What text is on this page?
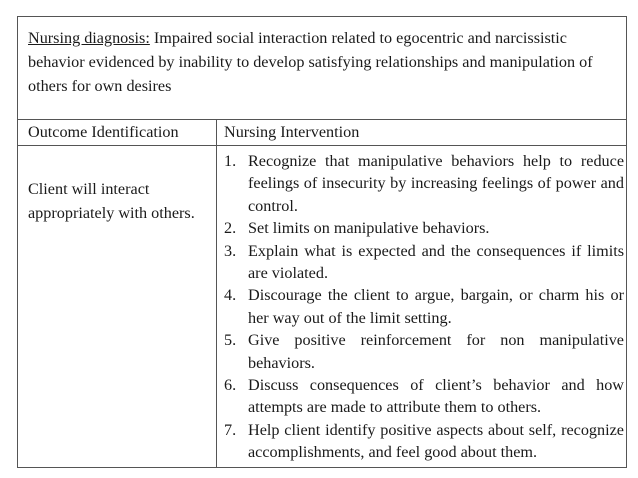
Nursing diagnosis: Impaired social interaction related to egocentric and narcissistic behavior evidenced by inability to develop satisfying relationships and manipulation of others for own desires
Outcome Identification	Nursing Intervention
Client will interact appropriately with others.
1. Recognize that manipulative behaviors help to reduce feelings of insecurity by increasing feelings of power and control.
2. Set limits on manipulative behaviors.
3. Explain what is expected and the consequences if limits are violated.
4. Discourage the client to argue, bargain, or charm his or her way out of the limit setting.
5. Give positive reinforcement for non manipulative behaviors.
6. Discuss consequences of client’s behavior and how attempts are made to attribute them to others.
7. Help client identify positive aspects about self, recognize accomplishments, and feel good about them.
